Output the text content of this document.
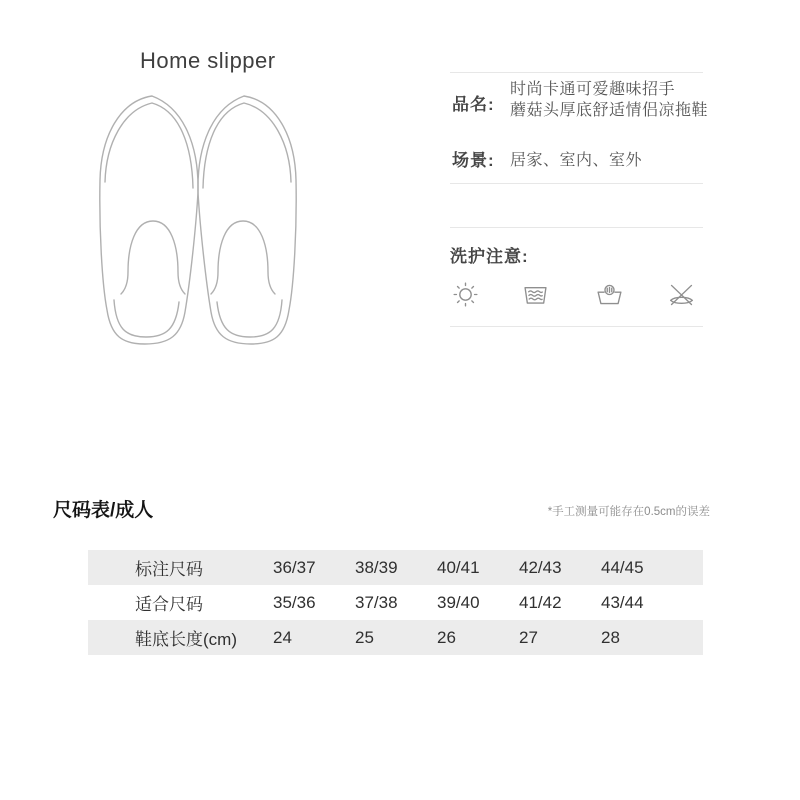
Home slipper
品名:
时尚卡通可爱趣味招手
蘑菇头厚底舒适情侣凉拖鞋
场景: 居家、室内、室外
洗护注意:
尺码表/成人	*手工测量可能存在0.5cm的误差
标注尺码	36/37	38/39	40/41	42/43	44/45
适合尺码	35/36	37/38	39/40	41/42	43/44
鞋底长度(cm)	24	25	26	27	28
